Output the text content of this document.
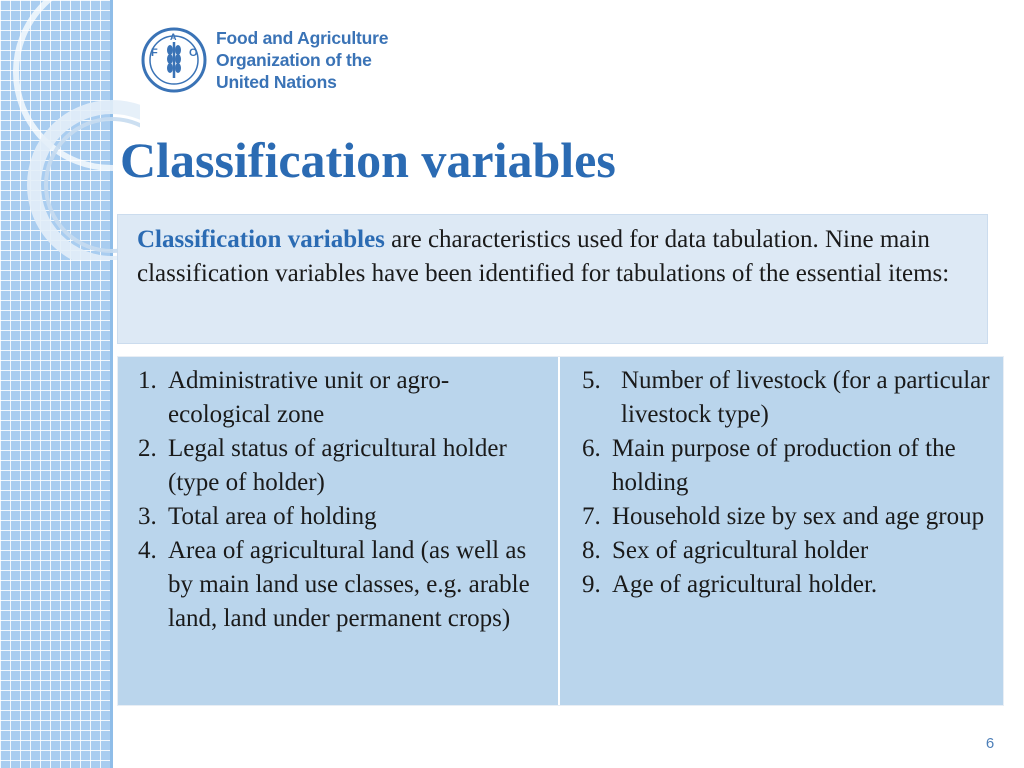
F
A
O
Food and Agriculture
Organization of the
United Nations
Classification variables
Classification variables are characteristics used for data tabulation. Nine main classification variables have been identified for tabulations of the essential items:
1. Administrative unit or agro-ecological zone
2. Legal status of agricultural holder (type of holder)
3. Total area of holding
4. Area of agricultural land (as well as by main land use classes, e.g. arable land, land under permanent crops)
5. Number of livestock (for a particular livestock type)
6. Main purpose of production of the holding
7. Household size by sex and age group
8. Sex of agricultural holder
9. Age of agricultural holder.
6
